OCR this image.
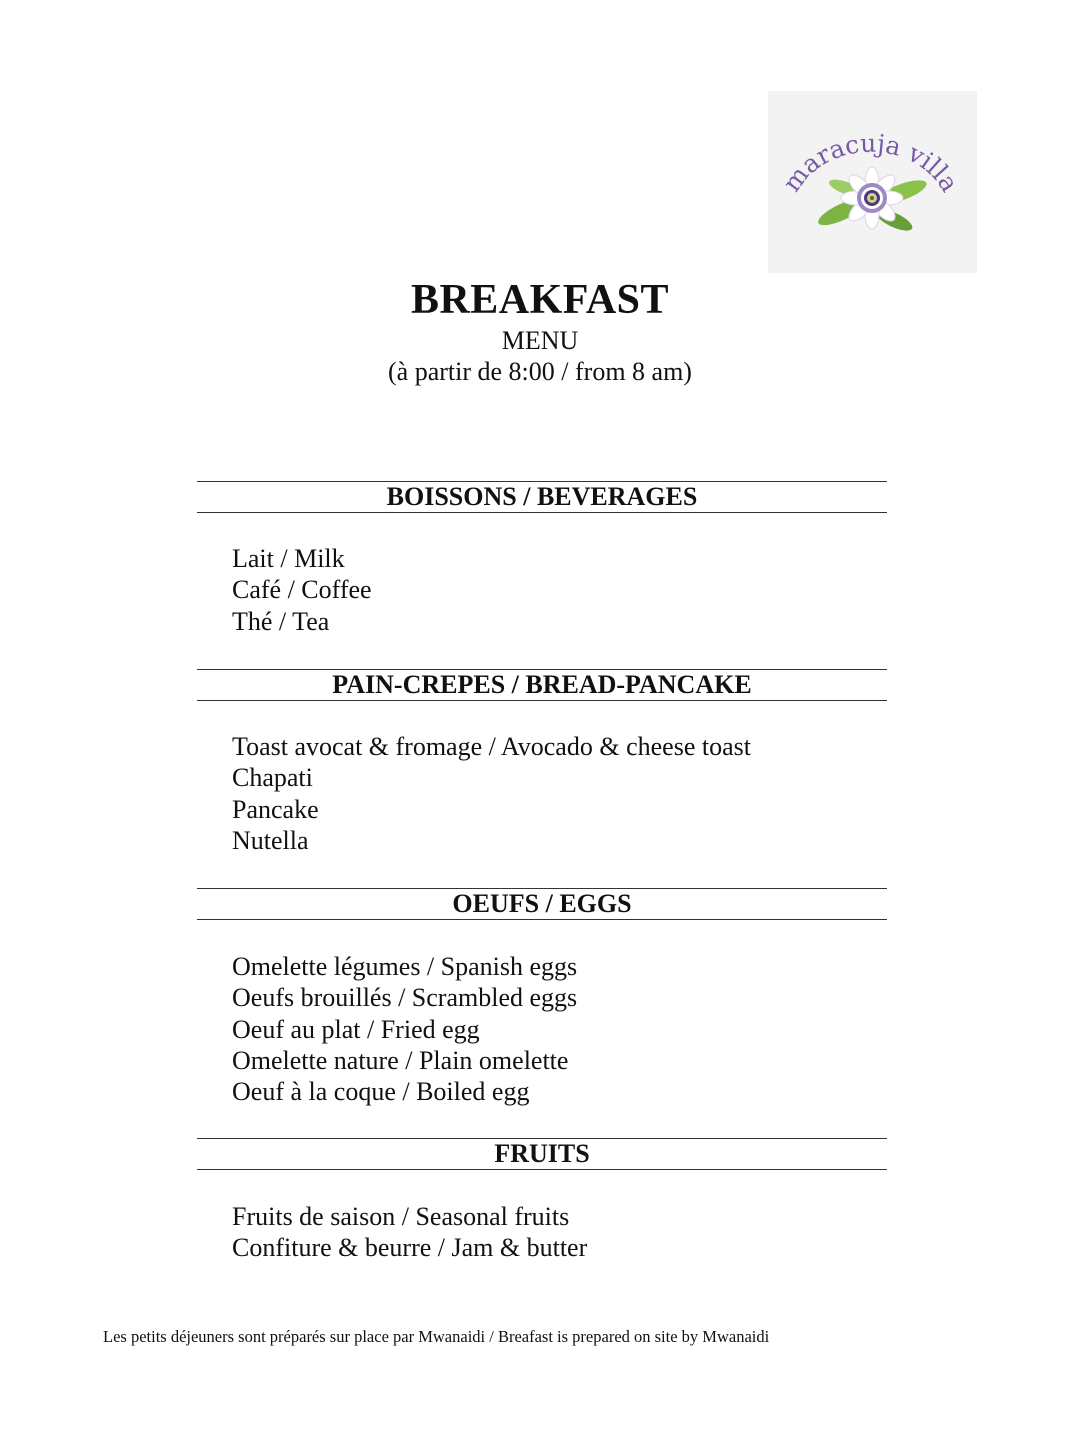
maracuja villa
BREAKFAST
MENU
(à partir de 8:00 / from 8 am)
BOISSONS / BEVERAGES
Lait / Milk
Café / Coffee
Thé / Tea
PAIN-CREPES / BREAD-PANCAKE
Toast avocat & fromage / Avocado & cheese toast
Chapati
Pancake
Nutella
OEUFS / EGGS
Omelette légumes / Spanish eggs
Oeufs brouillés / Scrambled eggs
Oeuf au plat / Fried egg
Omelette nature / Plain omelette
Oeuf à la coque / Boiled egg
FRUITS
Fruits de saison / Seasonal fruits
Confiture & beurre / Jam & butter
Les petits déjeuners sont préparés sur place par Mwanaidi / Breafast is prepared on site by Mwanaidi
